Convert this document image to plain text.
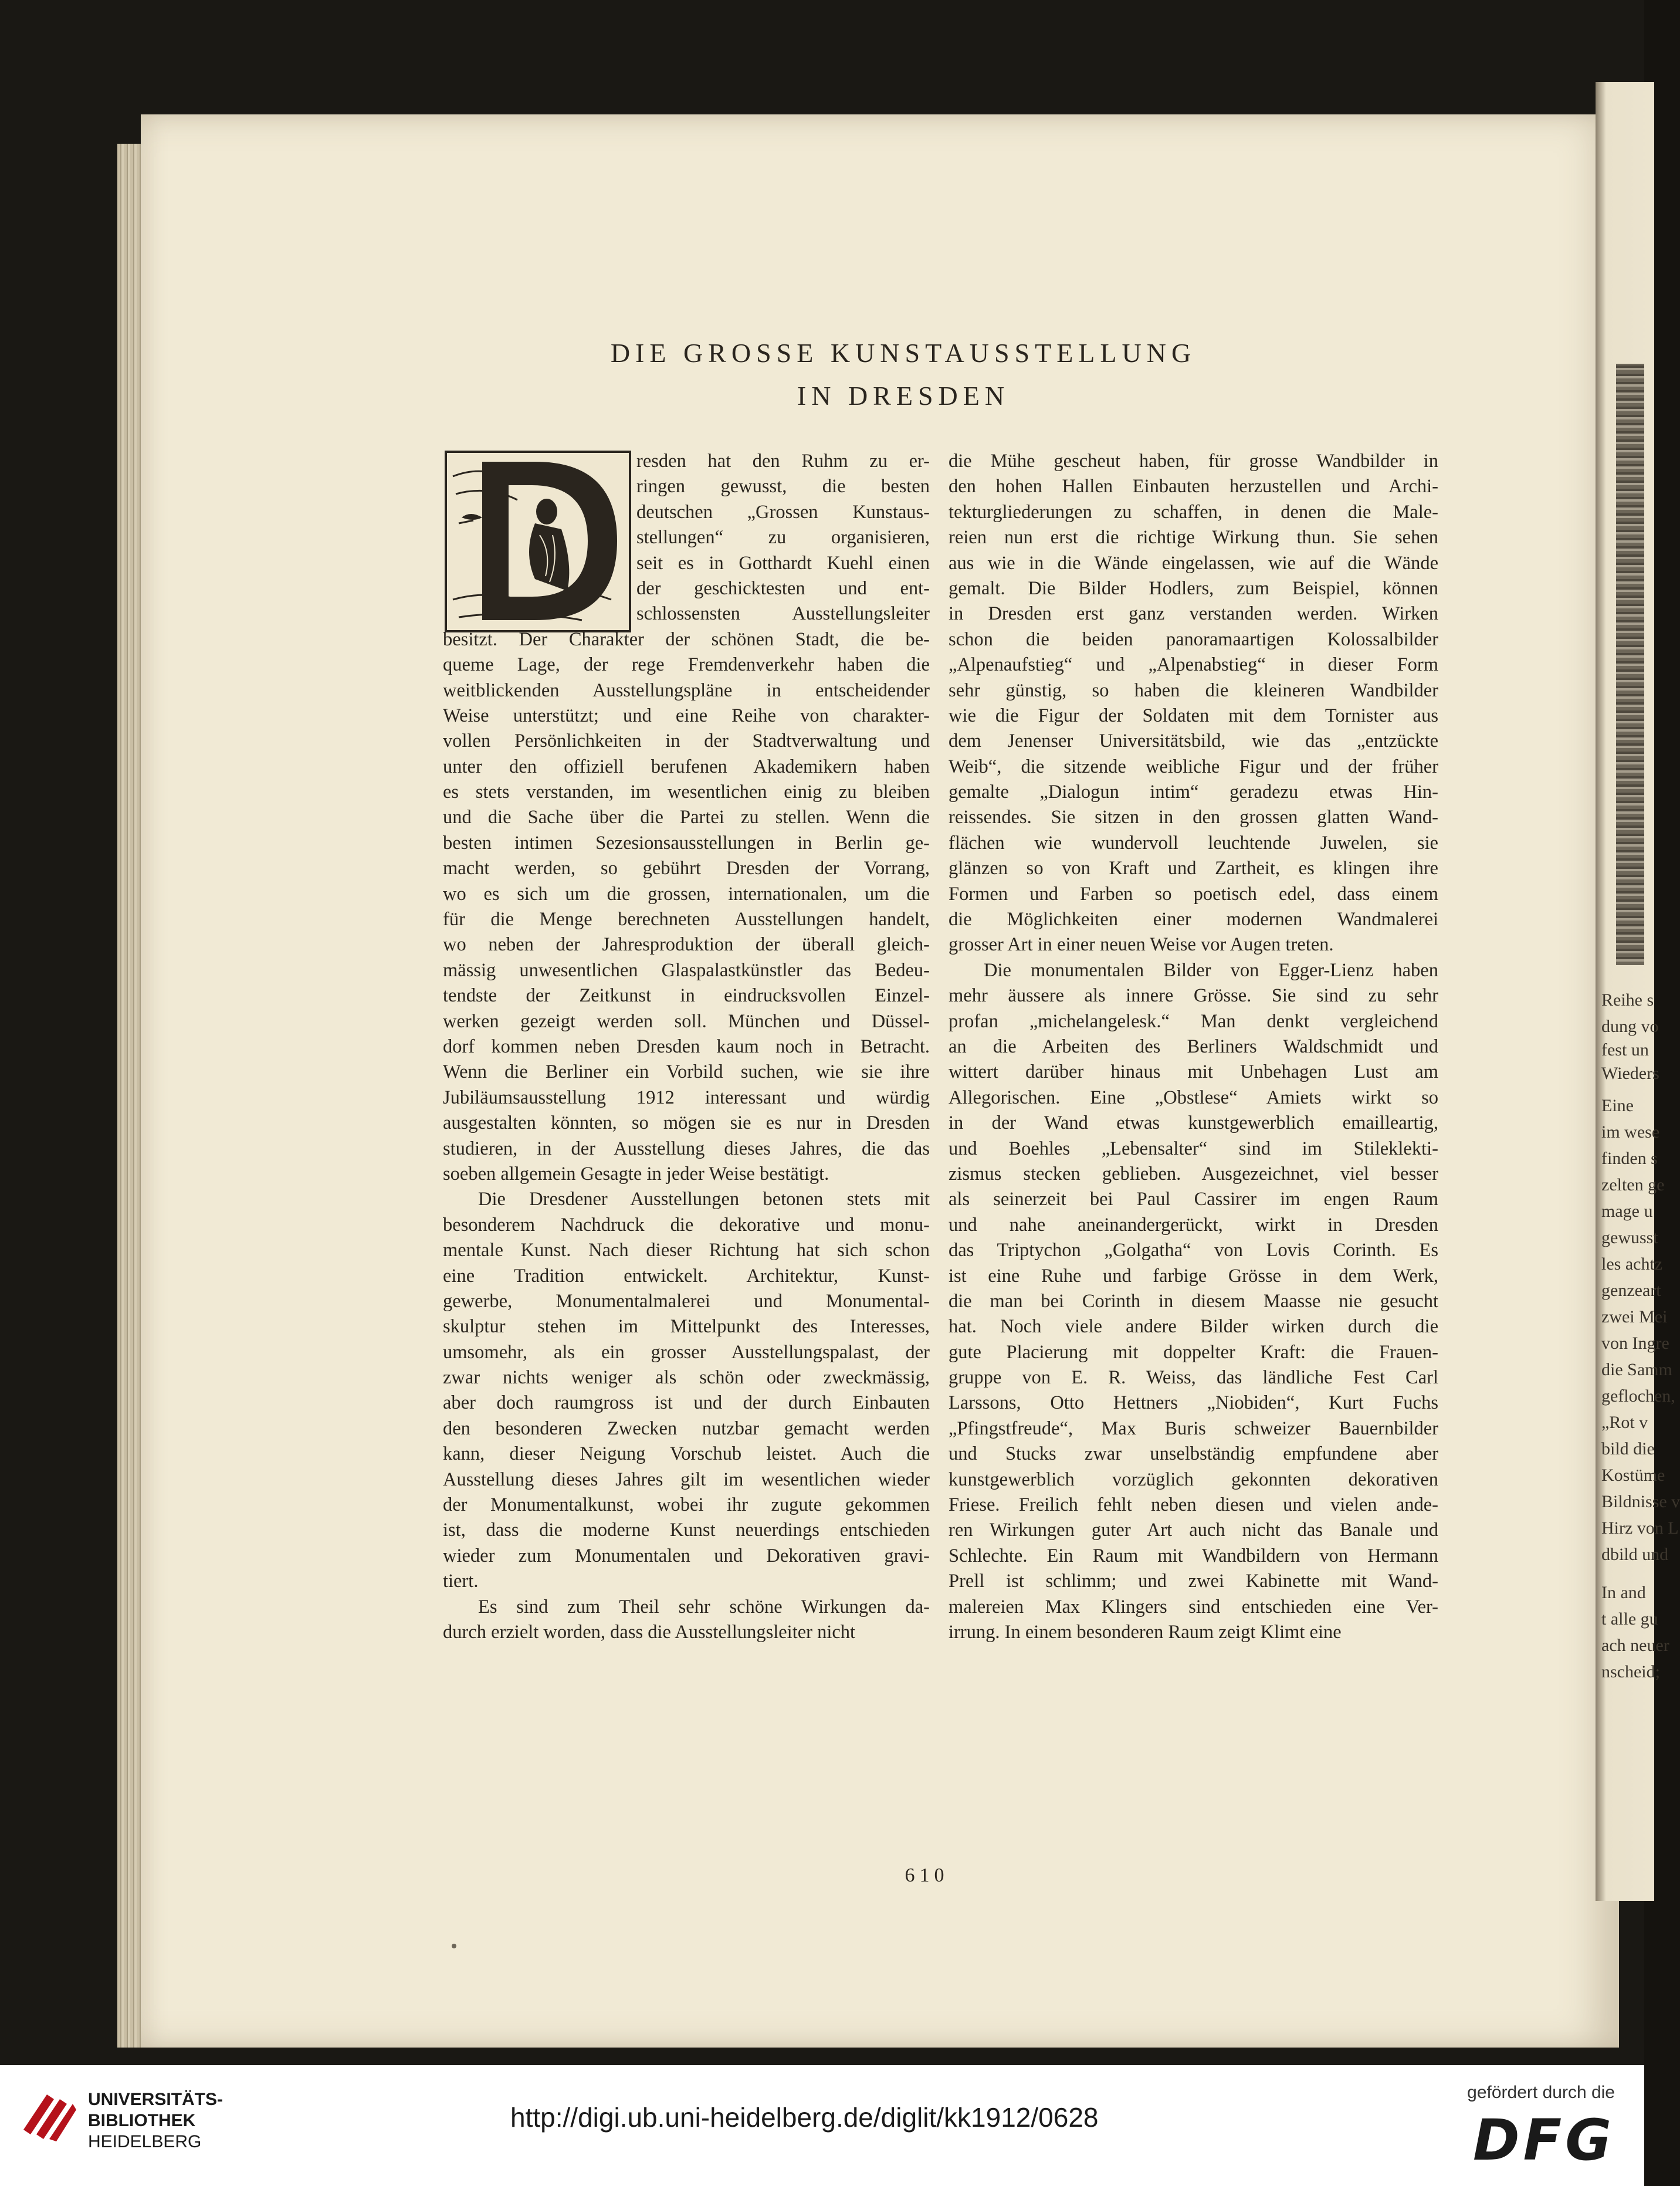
Reihe s
dung vo
fest un
Wieders
Eine
im wese
finden s
zelten ge
mage u
gewusst
les achtz
genzeart
zwei Mei
von Ingre
die Samm
geflochen,
„Rot v
bild die
Kostüme
Bildnisse v
Hirz von L
dbild und
In and
t alle gu
ach neuer
nscheid;
DIE GROSSE KUNSTAUSSTELLUNG
IN DRESDEN
resden hat den Ruhm zu er-
ringen gewusst, die besten
deutschen „Grossen Kunstaus-
stellungen“ zu organisieren,
seit es in Gotthardt Kuehl einen
der geschicktesten und ent-
schlossensten Ausstellungsleiter
besitzt. Der Charakter der schönen Stadt, die be-
queme Lage, der rege Fremdenverkehr haben die
weitblickenden Ausstellungspläne in entscheidender
Weise unterstützt; und eine Reihe von charakter-
vollen Persönlichkeiten in der Stadtverwaltung und
unter den offiziell berufenen Akademikern haben
es stets verstanden, im wesentlichen einig zu bleiben
und die Sache über die Partei zu stellen. Wenn die
besten intimen Sezesionsausstellungen in Berlin ge-
macht werden, so gebührt Dresden der Vorrang,
wo es sich um die grossen, internationalen, um die
für die Menge berechneten Ausstellungen handelt,
wo neben der Jahresproduktion der überall gleich-
mässig unwesentlichen Glaspalastkünstler das Bedeu-
tendste der Zeitkunst in eindrucksvollen Einzel-
werken gezeigt werden soll. München und Düssel-
dorf kommen neben Dresden kaum noch in Betracht.
Wenn die Berliner ein Vorbild suchen, wie sie ihre
Jubiläumsausstellung 1912 interessant und würdig
ausgestalten könnten, so mögen sie es nur in Dresden
studieren, in der Ausstellung dieses Jahres, die das
soeben allgemein Gesagte in jeder Weise bestätigt.
Die Dresdener Ausstellungen betonen stets mit
besonderem Nachdruck die dekorative und monu-
mentale Kunst. Nach dieser Richtung hat sich schon
eine Tradition entwickelt. Architektur, Kunst-
gewerbe, Monumentalmalerei und Monumental-
skulptur stehen im Mittelpunkt des Interesses,
umsomehr, als ein grosser Ausstellungspalast, der
zwar nichts weniger als schön oder zweckmässig,
aber doch raumgross ist und der durch Einbauten
den besonderen Zwecken nutzbar gemacht werden
kann, dieser Neigung Vorschub leistet. Auch die
Ausstellung dieses Jahres gilt im wesentlichen wieder
der Monumentalkunst, wobei ihr zugute gekommen
ist, dass die moderne Kunst neuerdings entschieden
wieder zum Monumentalen und Dekorativen gravi-
tiert.
Es sind zum Theil sehr schöne Wirkungen da-
durch erzielt worden, dass die Ausstellungsleiter nicht
die Mühe gescheut haben, für grosse Wandbilder in
den hohen Hallen Einbauten herzustellen und Archi-
tekturgliederungen zu schaffen, in denen die Male-
reien nun erst die richtige Wirkung thun. Sie sehen
aus wie in die Wände eingelassen, wie auf die Wände
gemalt. Die Bilder Hodlers, zum Beispiel, können
in Dresden erst ganz verstanden werden. Wirken
schon die beiden panoramaartigen Kolossalbilder
„Alpenaufstieg“ und „Alpenabstieg“ in dieser Form
sehr günstig, so haben die kleineren Wandbilder
wie die Figur der Soldaten mit dem Tornister aus
dem Jenenser Universitätsbild, wie das „entzückte
Weib“, die sitzende weibliche Figur und der früher
gemalte „Dialogun intim“ geradezu etwas Hin-
reissendes. Sie sitzen in den grossen glatten Wand-
flächen wie wundervoll leuchtende Juwelen, sie
glänzen so von Kraft und Zartheit, es klingen ihre
Formen und Farben so poetisch edel, dass einem
die Möglichkeiten einer modernen Wandmalerei
grosser Art in einer neuen Weise vor Augen treten.
Die monumentalen Bilder von Egger-Lienz haben
mehr äussere als innere Grösse. Sie sind zu sehr
profan „michelangelesk.“ Man denkt vergleichend
an die Arbeiten des Berliners Waldschmidt und
wittert darüber hinaus mit Unbehagen Lust am
Allegorischen. Eine „Obstlese“ Amiets wirkt so
in der Wand etwas kunstgewerblich emailleartig,
und Boehles „Lebensalter“ sind im Stileklekti-
zismus stecken geblieben. Ausgezeichnet, viel besser
als seinerzeit bei Paul Cassirer im engen Raum
und nahe aneinandergerückt, wirkt in Dresden
das Triptychon „Golgatha“ von Lovis Corinth. Es
ist eine Ruhe und farbige Grösse in dem Werk,
die man bei Corinth in diesem Maasse nie gesucht
hat. Noch viele andere Bilder wirken durch die
gute Placierung mit doppelter Kraft: die Frauen-
gruppe von E. R. Weiss, das ländliche Fest Carl
Larssons, Otto Hettners „Niobiden“, Kurt Fuchs
„Pfingstfreude“, Max Buris schweizer Bauernbilder
und Stucks zwar unselbständig empfundene aber
kunstgewerblich vorzüglich gekonnten dekorativen
Friese. Freilich fehlt neben diesen und vielen ande-
ren Wirkungen guter Art auch nicht das Banale und
Schlechte. Ein Raum mit Wandbildern von Hermann
Prell ist schlimm; und zwei Kabinette mit Wand-
malereien Max Klingers sind entschieden eine Ver-
irrung. In einem besonderen Raum zeigt Klimt eine
610
UNIVERSITÄTS-
BIBLIOTHEK
HEIDELBERG
http://digi.ub.uni-heidelberg.de/diglit/kk1912/0628
gefördert durch die
DFG
